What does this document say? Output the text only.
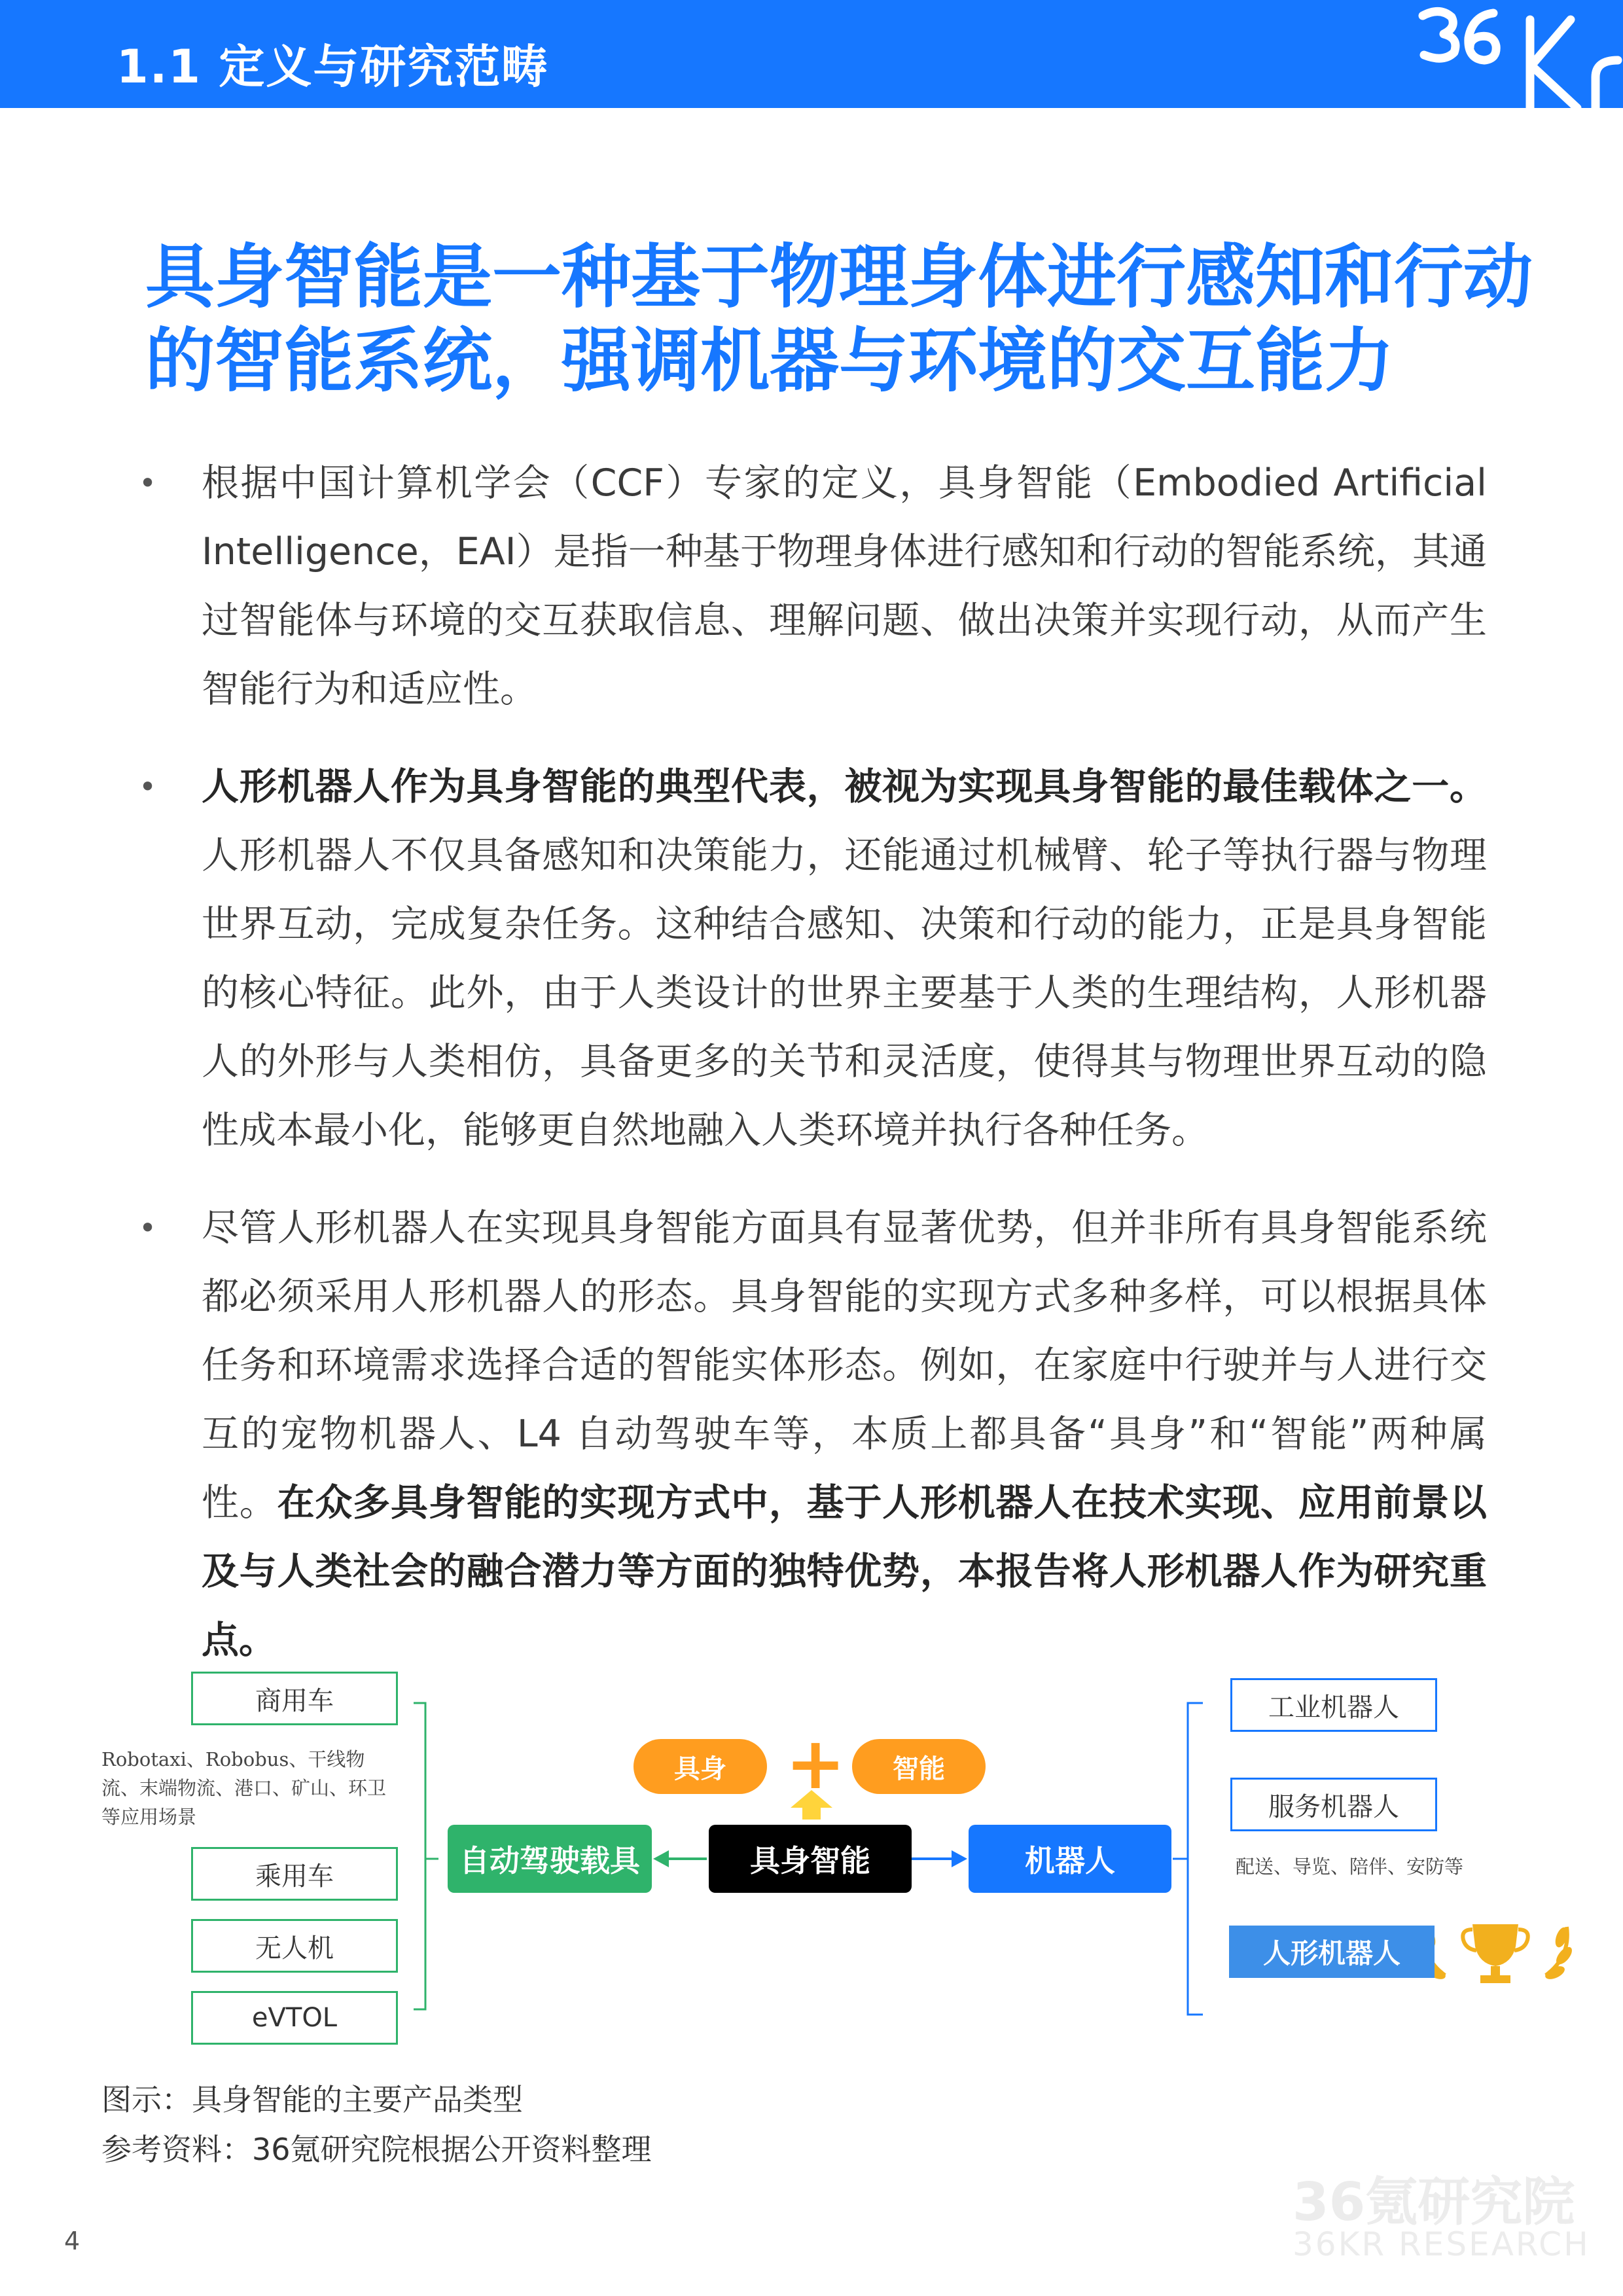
1.1 定义与研究范畴
具身智能是一种基于物理身体进行感知和行动
的智能系统，强调机器与环境的交互能力
• 根据中国计算机学会（CCF）专家的定义，具身智能（Embodied Artificial Intelligence，EAI）是指一种基于物理身体进行感知和行动的智能系统，其通过智能体与环境的交互获取信息、理解问题、做出决策并实现行动，从而产生智能行为和适应性。
• 人形机器人作为具身智能的典型代表，被视为实现具身智能的最佳载体之一。人形机器人不仅具备感知和决策能力，还能通过机械臂、轮子等执行器与物理世界互动，完成复杂任务。这种结合感知、决策和行动的能力，正是具身智能的核心特征。此外，由于人类设计的世界主要基于人类的生理结构，人形机器人的外形与人类相仿，具备更多的关节和灵活度，使得其与物理世界互动的隐性成本最小化，能够更自然地融入人类环境并执行各种任务。
• 尽管人形机器人在实现具身智能方面具有显著优势，但并非所有具身智能系统都必须采用人形机器人的形态。具身智能的实现方式多种多样，可以根据具体任务和环境需求选择合适的智能实体形态。例如，在家庭中行驶并与人进行交互的宠物机器人、L4 自动驾驶车等，本质上都具备“具身”和“智能”两种属性。在众多具身智能的实现方式中，基于人形机器人在技术实现、应用前景以及与人类社会的融合潜力等方面的独特优势，本报告将人形机器人作为研究重点。
具身	智能
+
具身智能
自动驾驶载具	机器人
商用车
Robotaxi、Robobus、干线物流、末端物流、港口、矿山、环卫等应用场景
乘用车
无人机
eVTOL
工业机器人
服务机器人
配送、导览、陪伴、安防等
人形机器人
图示：具身智能的主要产品类型
参考资料：36氪研究院根据公开资料整理
36氪研究院
36KR RESEARCH
4
